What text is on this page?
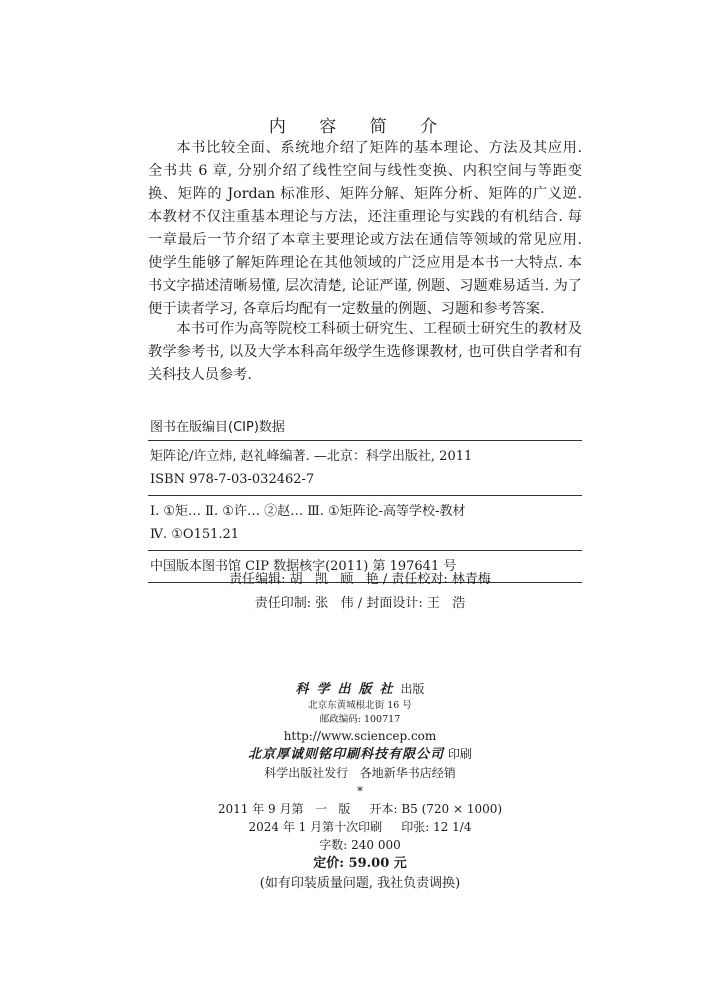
内 容 简 介
本书比较全面、系统地介绍了矩阵的基本理论、方法及其应用. 全书共 6 章, 分别介绍了线性空间与线性变换、内积空间与等距变换、矩阵的 Jordan 标准形、矩阵分解、矩阵分析、矩阵的广义逆. 本教材不仅注重基本理论与方法，还注重理论与实践的有机结合. 每一章最后一节介绍了本章主要理论或方法在通信等领域的常见应用. 使学生能够了解矩阵理论在其他领域的广泛应用是本书一大特点. 本书文字描述清晰易懂, 层次清楚, 论证严谨, 例题、习题难易适当. 为了便于读者学习, 各章后均配有一定数量的例题、习题和参考答案.
本书可作为高等院校工科硕士研究生、工程硕士研究生的教材及教学参考书, 以及大学本科高年级学生选修课教材, 也可供自学者和有关科技人员参考.
图书在版编目(CIP)数据
矩阵论/许立炜, 赵礼峰编著. —北京：科学出版社, 2011
ISBN 978-7-03-032462-7
Ⅰ. ①矩… Ⅱ. ①许… ②赵… Ⅲ. ①矩阵论-高等学校-教材
Ⅳ. ①O151.21
中国版本图书馆 CIP 数据核字(2011) 第 197641 号
责任编辑: 胡   凯   顾   艳 / 责任校对: 林青梅
责任印制: 张   伟 / 封面设计: 王   浩
科学出版社出版
北京东黄城根北街 16 号
邮政编码: 100717
http://www.sciencep.com
北京厚诚则铭印刷科技有限公司 印刷
科学出版社发行   各地新华书店经销
*
2011 年 9 月第   一   版     开本: B5 (720 × 1000)
2024 年 1 月第十次印刷     印张: 12 1/4
字数: 240 000
定价: 59.00 元
(如有印装质量问题, 我社负责调换)
